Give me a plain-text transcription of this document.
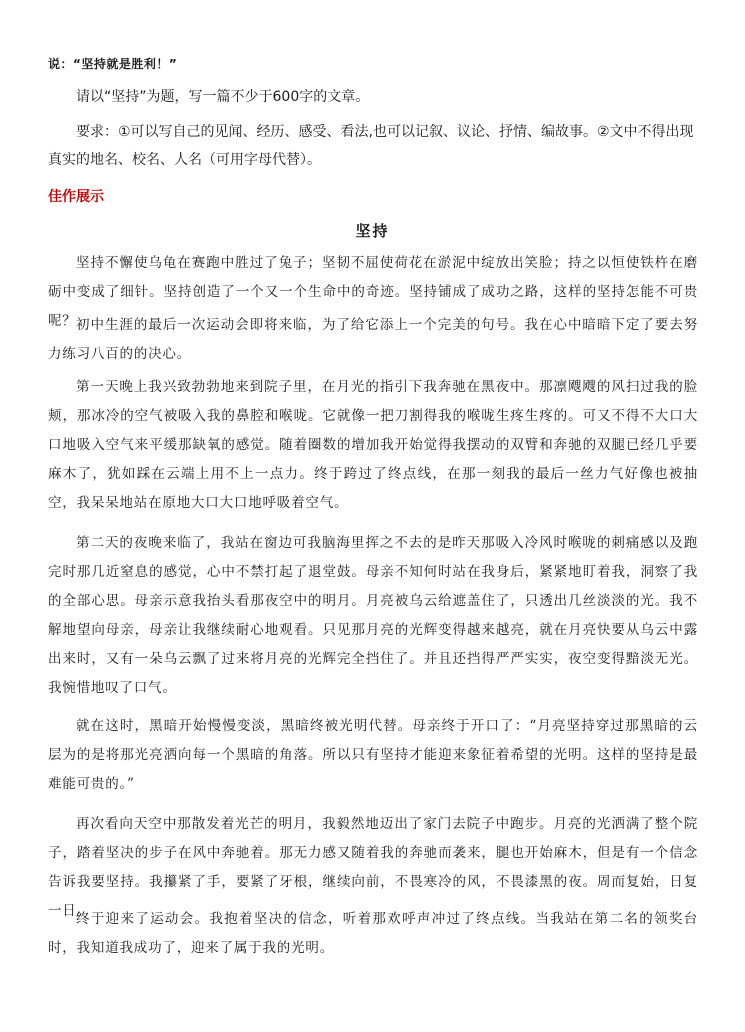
说：“坚持就是胜利！”
请以“坚持”为题，写一篇不少于600字的文章。
要求：①可以写自己的见闻、经历、感受、看法,也可以记叙、议论、抒情、编故事。②文中不得出现真实的地名、校名、人名（可用字母代替）。
佳作展示
坚持
坚持不懈使乌龟在赛跑中胜过了兔子；坚韧不屈使荷花在淤泥中绽放出笑脸；持之以恒使铁杵在磨砺中变成了细针。坚持创造了一个又一个生命中的奇迹。坚持铺成了成功之路，这样的坚持怎能不可贵呢？ 初中生涯的最后一次运动会即将来临，为了给它添上一个完美的句号。我在心中暗暗下定了要去努力练习八百的的决心。
第一天晚上我兴致勃勃地来到院子里，在月光的指引下我奔驰在黑夜中。那凛飕飕的风扫过我的脸颊，那冰冷的空气被吸入我的鼻腔和喉咙。它就像一把刀割得我的喉咙生疼生疼的。可又不得不大口大口地吸入空气来平缓那缺氧的感觉。随着圈数的增加我开始觉得我摆动的双臂和奔驰的双腿已经几乎要麻木了，犹如踩在云端上用不上一点力。终于跨过了终点线，在那一刻我的最后一丝力气好像也被抽空，我呆呆地站在原地大口大口地呼吸着空气。
第二天的夜晚来临了，我站在窗边可我脑海里挥之不去的是昨天那吸入冷风时喉咙的刺痛感以及跑完时那几近窒息的感觉，心中不禁打起了退堂鼓。母亲不知何时站在我身后，紧紧地盯着我，洞察了我的全部心思。母亲示意我抬头看那夜空中的明月。月亮被乌云给遮盖住了，只透出几丝淡淡的光。我不解地望向母亲，母亲让我继续耐心地观看。只见那月亮的光辉变得越来越亮，就在月亮快要从乌云中露出来时，又有一朵乌云飘了过来将月亮的光辉完全挡住了。并且还挡得严严实实，夜空变得黯淡无光。我惋惜地叹了口气。
就在这时，黑暗开始慢慢变淡，黑暗终被光明代替。母亲终于开口了：“月亮坚持穿过那黑暗的云层为的是将那光亮洒向每一个黑暗的角落。所以只有坚持才能迎来象征着希望的光明。这样的坚持是最难能可贵的。”
再次看向天空中那散发着光芒的明月，我毅然地迈出了家门去院子中跑步。月亮的光洒满了整个院子，踏着坚决的步子在风中奔驰着。那无力感又随着我的奔驰而袭来，腿也开始麻木，但是有一个信念告诉我要坚持。我攥紧了手，要紧了牙根，继续向前，不畏寒冷的风，不畏漆黑的夜。周而复始，日复一日。
终于迎来了运动会。我抱着坚决的信念，听着那欢呼声冲过了终点线。当我站在第二名的领奖台时，我知道我成功了，迎来了属于我的光明。
